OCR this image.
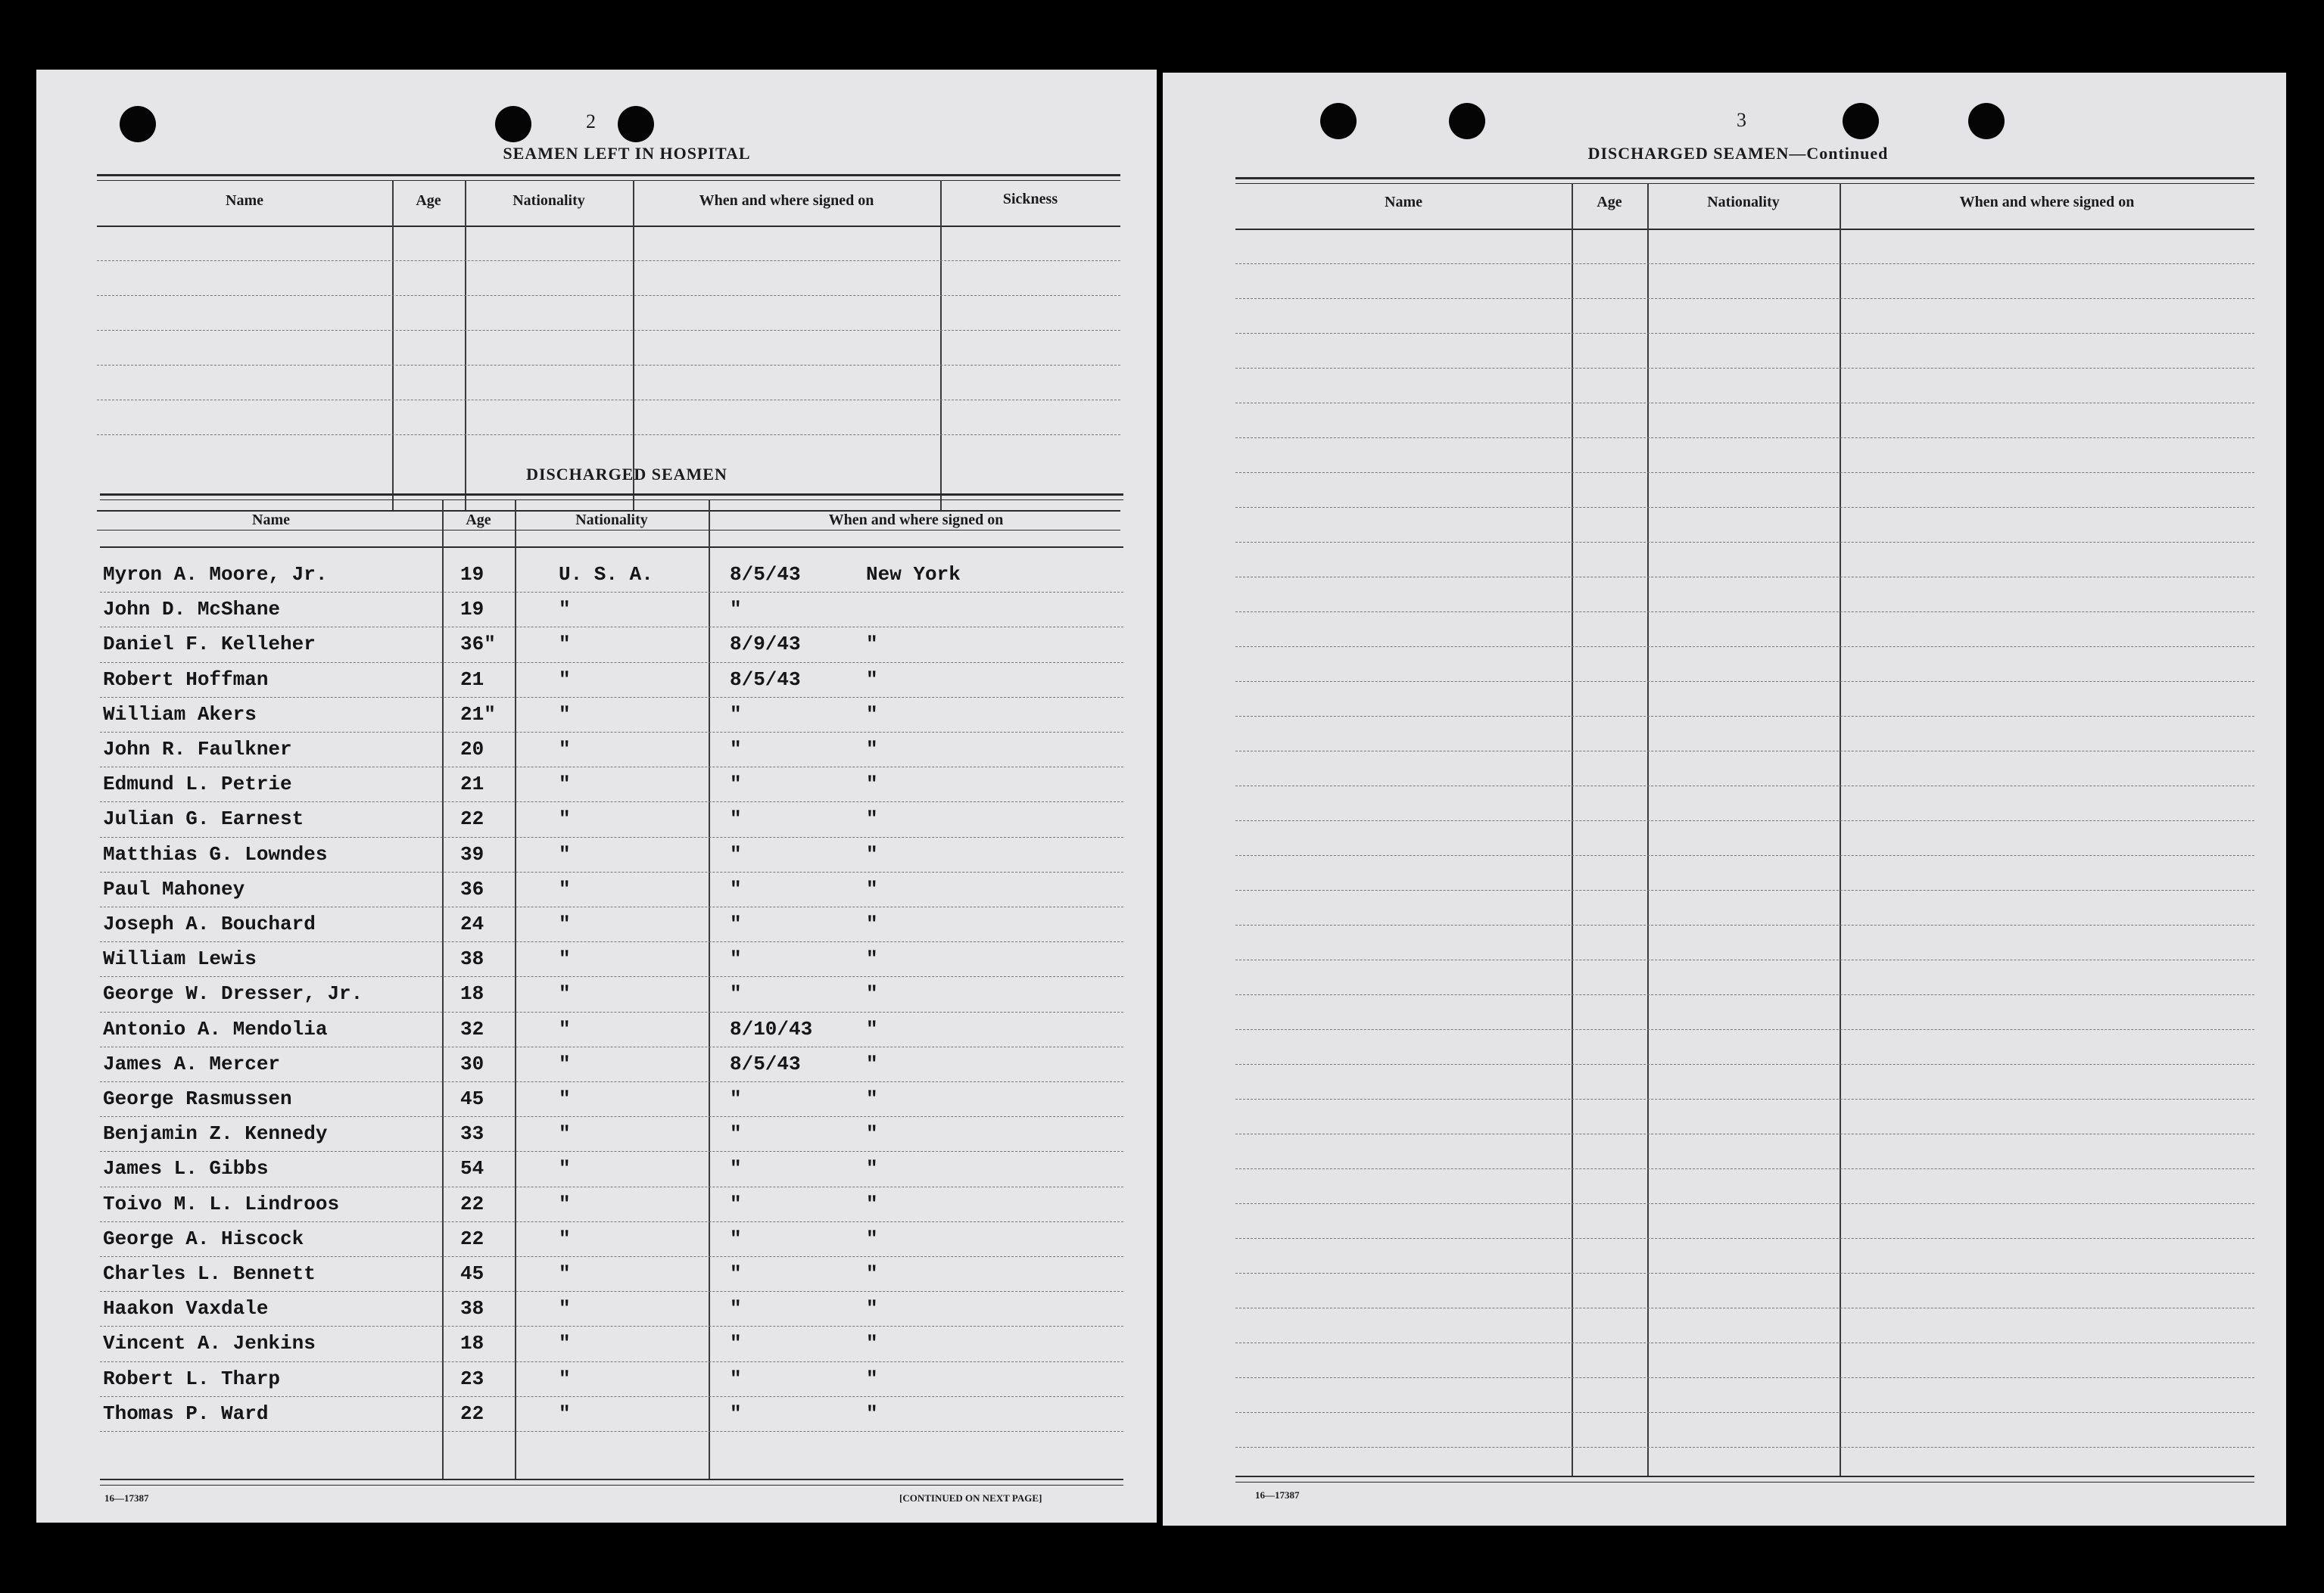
2
SEAMEN LEFT IN HOSPITAL
Name	Age	Nationality	When and where signed on	Sickness
DISCHARGED SEAMEN
Name	Age	Nationality	When and where signed on
Myron A. Moore, Jr.	19	U. S. A.	8/5/43	New York
John D. McShane	19	"	"
Daniel F. Kelleher	36"	"	8/9/43	"
Robert Hoffman	21	"	8/5/43	"
William Akers	21"	"	"	"
John R. Faulkner	20	"	"	"
Edmund L. Petrie	21	"	"	"
Julian G. Earnest	22	"	"	"
Matthias G. Lowndes	39	"	"	"
Paul Mahoney	36	"	"	"
Joseph A. Bouchard	24	"	"	"
William Lewis	38	"	"	"
George W. Dresser, Jr.	18	"	"	"
Antonio A. Mendolia	32	"	8/10/43	"
James A. Mercer	30	"	8/5/43	"
George Rasmussen	45	"	"	"
Benjamin Z. Kennedy	33	"	"	"
James L. Gibbs	54	"	"	"
Toivo M. L. Lindroos	22	"	"	"
George A. Hiscock	22	"	"	"
Charles L. Bennett	45	"	"	"
Haakon Vaxdale	38	"	"	"
Vincent A. Jenkins	18	"	"	"
Robert L. Tharp	23	"	"	"
Thomas P. Ward	22	"	"	"
16—17387	[CONTINUED ON NEXT PAGE]
3
DISCHARGED SEAMEN—Continued
Name	Age	Nationality	When and where signed on
16—17387
